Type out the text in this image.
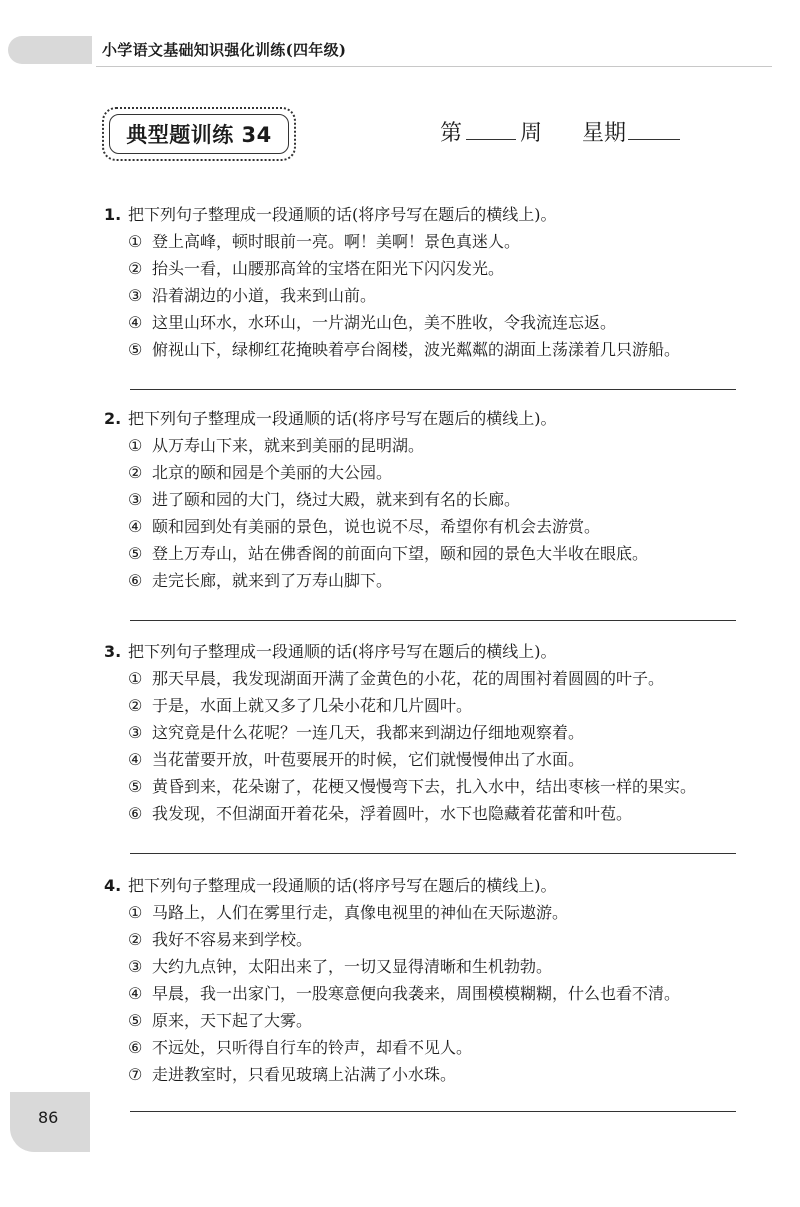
小学语文基础知识强化训练(四年级)
典型题训练 34	第	周 星期
1. 把下列句子整理成一段通顺的话(将序号写在题后的横线上)。
① 登上高峰，顿时眼前一亮。啊！美啊！景色真迷人。
② 抬头一看，山腰那高耸的宝塔在阳光下闪闪发光。
③ 沿着湖边的小道，我来到山前。
④ 这里山环水，水环山，一片湖光山色，美不胜收，令我流连忘返。
⑤ 俯视山下，绿柳红花掩映着亭台阁楼，波光粼粼的湖面上荡漾着几只游船。
2. 把下列句子整理成一段通顺的话(将序号写在题后的横线上)。
① 从万寿山下来，就来到美丽的昆明湖。
② 北京的颐和园是个美丽的大公园。
③ 进了颐和园的大门，绕过大殿，就来到有名的长廊。
④ 颐和园到处有美丽的景色，说也说不尽，希望你有机会去游赏。
⑤ 登上万寿山，站在佛香阁的前面向下望，颐和园的景色大半收在眼底。
⑥ 走完长廊，就来到了万寿山脚下。
3. 把下列句子整理成一段通顺的话(将序号写在题后的横线上)。
① 那天早晨，我发现湖面开满了金黄色的小花，花的周围衬着圆圆的叶子。
② 于是，水面上就又多了几朵小花和几片圆叶。
③ 这究竟是什么花呢？一连几天，我都来到湖边仔细地观察着。
④ 当花蕾要开放，叶苞要展开的时候，它们就慢慢伸出了水面。
⑤ 黄昏到来，花朵谢了，花梗又慢慢弯下去，扎入水中，结出枣核一样的果实。
⑥ 我发现，不但湖面开着花朵，浮着圆叶，水下也隐藏着花蕾和叶苞。
4. 把下列句子整理成一段通顺的话(将序号写在题后的横线上)。
① 马路上，人们在雾里行走，真像电视里的神仙在天际遨游。
② 我好不容易来到学校。
③ 大约九点钟，太阳出来了，一切又显得清晰和生机勃勃。
④ 早晨，我一出家门，一股寒意便向我袭来，周围模模糊糊，什么也看不清。
⑤ 原来，天下起了大雾。
⑥ 不远处，只听得自行车的铃声，却看不见人。
⑦ 走进教室时，只看见玻璃上沾满了小水珠。
86
